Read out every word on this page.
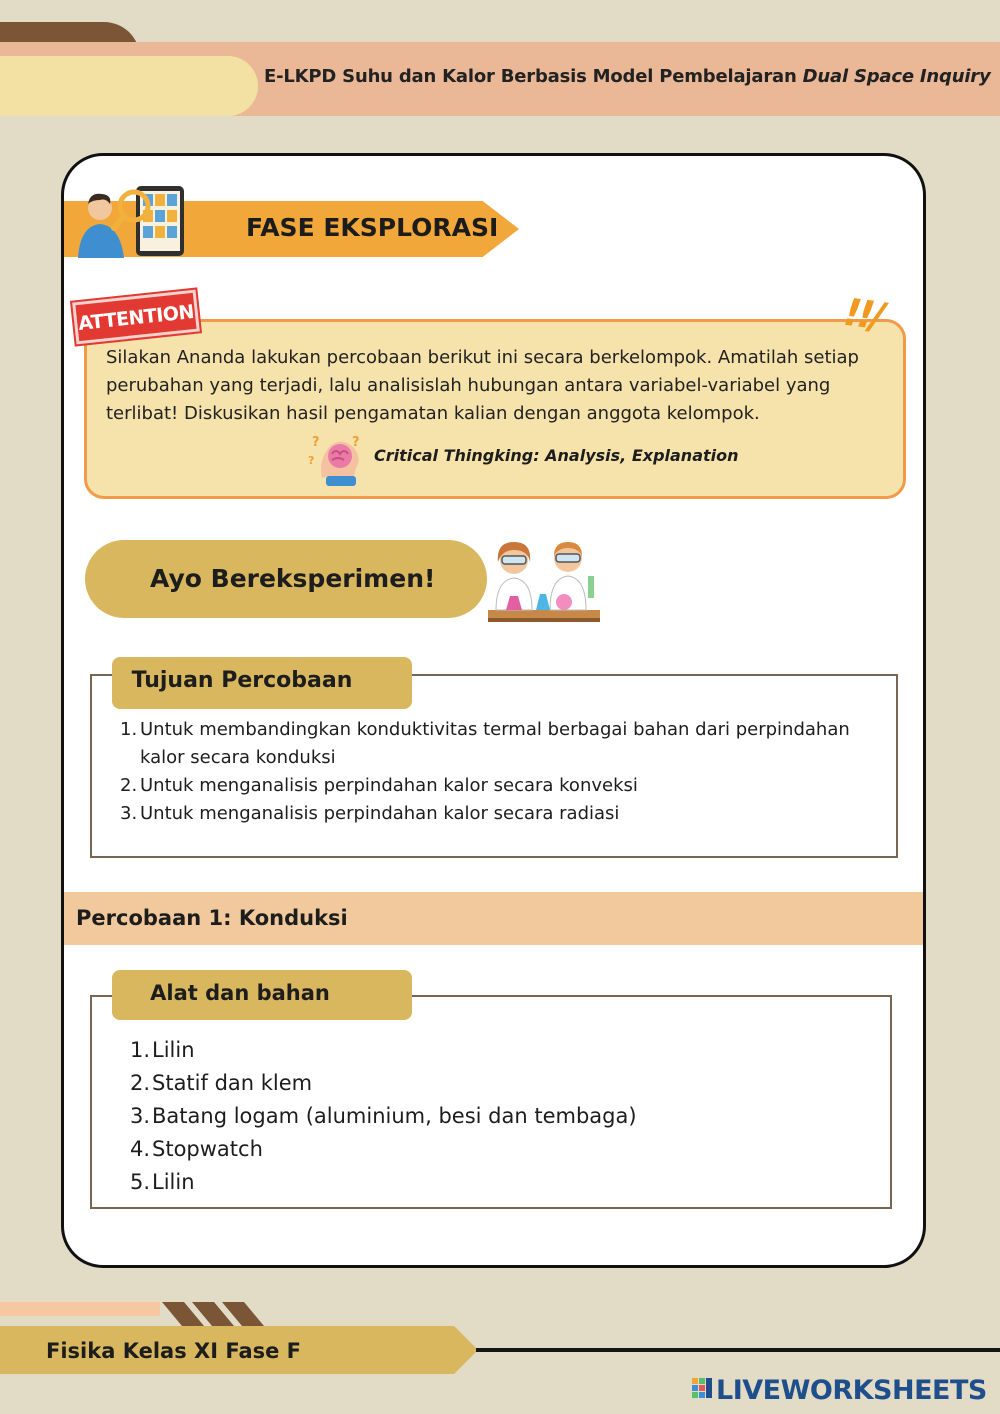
E-LKPD Suhu dan Kalor Berbasis Model Pembelajaran Dual Space Inquiry
FASE EKSPLORASI
ATTENTION	!!/
Silakan Ananda lakukan percobaan berikut ini secara berkelompok. Amatilah setiap perubahan yang terjadi, lalu analisislah hubungan antara variabel-variabel yang terlibat! Diskusikan hasil pengamatan kalian dengan anggota kelompok.
? ?
?	Critical Thingking: Analysis, Explanation
Ayo Bereksperimen!
Tujuan Percobaan
1. Untuk membandingkan konduktivitas termal berbagai bahan dari perpindahan kalor secara konduksi
2. Untuk menganalisis perpindahan kalor secara konveksi
3. Untuk menganalisis perpindahan kalor secara radiasi
Percobaan 1: Konduksi
Alat dan bahan
1. Lilin
2. Statif dan klem
3. Batang logam (aluminium, besi dan tembaga)
4. Stopwatch
5. Lilin
Fisika Kelas XI Fase F
LIVEWORKSHEETS
